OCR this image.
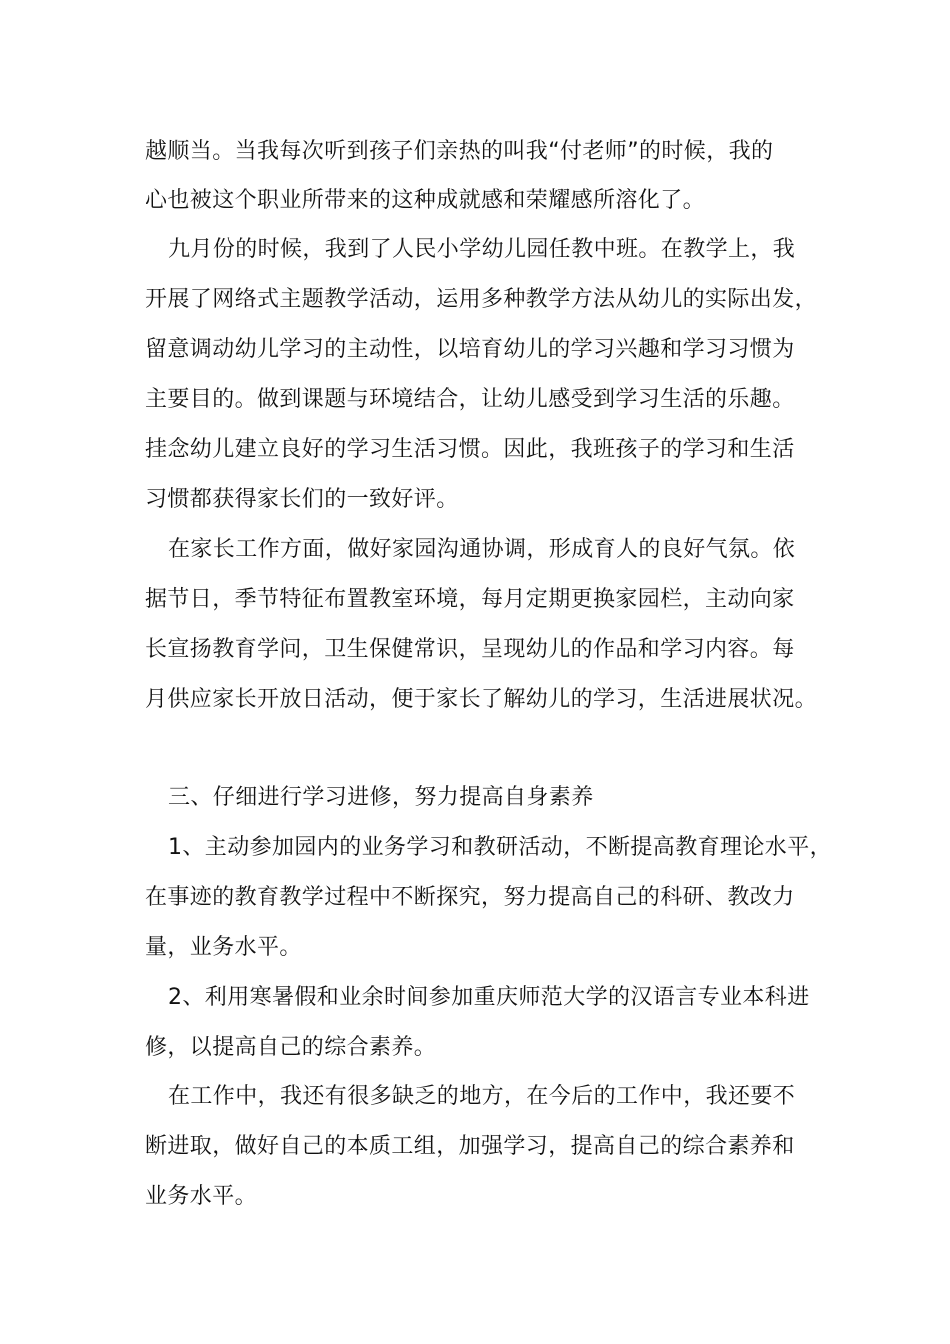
越顺当。当我每次听到孩子们亲热的叫我“付老师”的时候，我的
心也被这个职业所带来的这种成就感和荣耀感所溶化了。
九月份的时候，我到了人民小学幼儿园任教中班。在教学上，我
开展了网络式主题教学活动，运用多种教学方法从幼儿的实际出发，
留意调动幼儿学习的主动性，以培育幼儿的学习兴趣和学习习惯为
主要目的。做到课题与环境结合，让幼儿感受到学习生活的乐趣。
挂念幼儿建立良好的学习生活习惯。因此，我班孩子的学习和生活
习惯都获得家长们的一致好评。
在家长工作方面，做好家园沟通协调，形成育人的良好气氛。依
据节日，季节特征布置教室环境，每月定期更换家园栏，主动向家
长宣扬教育学问，卫生保健常识，呈现幼儿的作品和学习内容。每
月供应家长开放日活动，便于家长了解幼儿的学习，生活进展状况。
三、仔细进行学习进修，努力提高自身素养
1、主动参加园内的业务学习和教研活动，不断提高教育理论水平，
在事迹的教育教学过程中不断探究，努力提高自己的科研、教改力
量，业务水平。
2、利用寒暑假和业余时间参加重庆师范大学的汉语言专业本科进
修，以提高自己的综合素养。
在工作中，我还有很多缺乏的地方，在今后的工作中，我还要不
断进取，做好自己的本质工组，加强学习，提高自己的综合素养和
业务水平。
